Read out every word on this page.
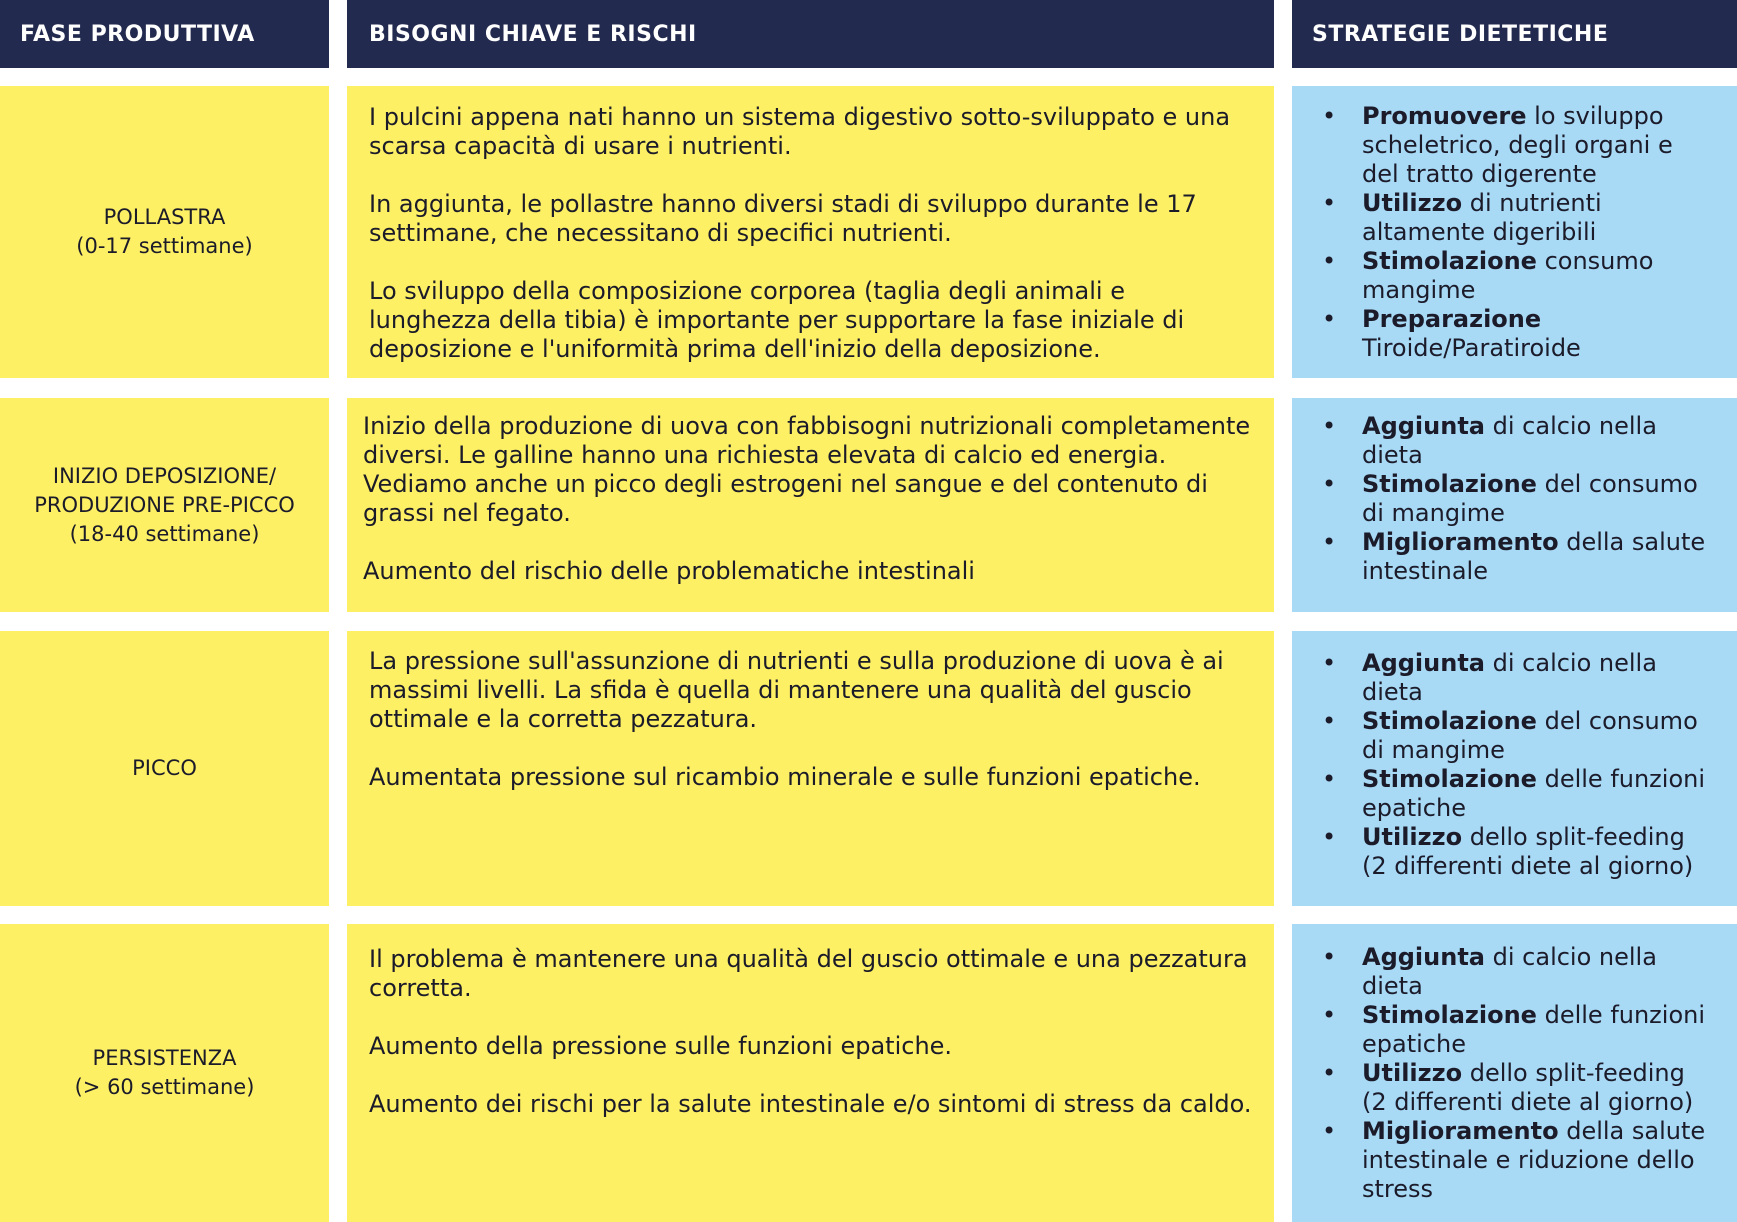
FASE PRODUTTIVA	BISOGNI CHIAVE E RISCHI	STRATEGIE DIETETICHE
POLLASTRA
(0-17 settimane)

I pulcini appena nati hanno un sistema digestivo sotto-sviluppato e una scarsa capacità di usare i nutrienti.

In aggiunta, le pollastre hanno diversi stadi di sviluppo durante le 17 settimane, che necessitano di specifici nutrienti.

Lo sviluppo della composizione corporea (taglia degli animali e lunghezza della tibia) è importante per supportare la fase iniziale di deposizione e l'uniformità prima dell'inizio della deposizione.

• Promuovere lo sviluppo scheletrico, degli organi e del tratto digerente
• Utilizzo di nutrienti altamente digeribili
• Stimolazione consumo mangime
• Preparazione Tiroide/Paratiroide
INIZIO DEPOSIZIONE/
PRODUZIONE PRE-PICCO
(18-40 settimane)

Inizio della produzione di uova con fabbisogni nutrizionali completamente diversi. Le galline hanno una richiesta elevata di calcio ed energia. Vediamo anche un picco degli estrogeni nel sangue e del contenuto di grassi nel fegato.

Aumento del rischio delle problematiche intestinali

• Aggiunta di calcio nella dieta
• Stimolazione del consumo di mangime
• Miglioramento della salute intestinale
PICCO

La pressione sull'assunzione di nutrienti e sulla produzione di uova è ai massimi livelli. La sfida è quella di mantenere una qualità del guscio ottimale e la corretta pezzatura.

Aumentata pressione sul ricambio minerale e sulle funzioni epatiche.

• Aggiunta di calcio nella dieta
• Stimolazione del consumo di mangime
• Stimolazione delle funzioni epatiche
• Utilizzo dello split-feeding (2 differenti diete al giorno)
PERSISTENZA
(> 60 settimane)

Il problema è mantenere una qualità del guscio ottimale e una pezzatura corretta.

Aumento della pressione sulle funzioni epatiche.

Aumento dei rischi per la salute intestinale e/o sintomi di stress da caldo.

• Aggiunta di calcio nella dieta
• Stimolazione delle funzioni epatiche
• Utilizzo dello split-feeding (2 differenti diete al giorno)
• Miglioramento della salute intestinale e riduzione dello stress
